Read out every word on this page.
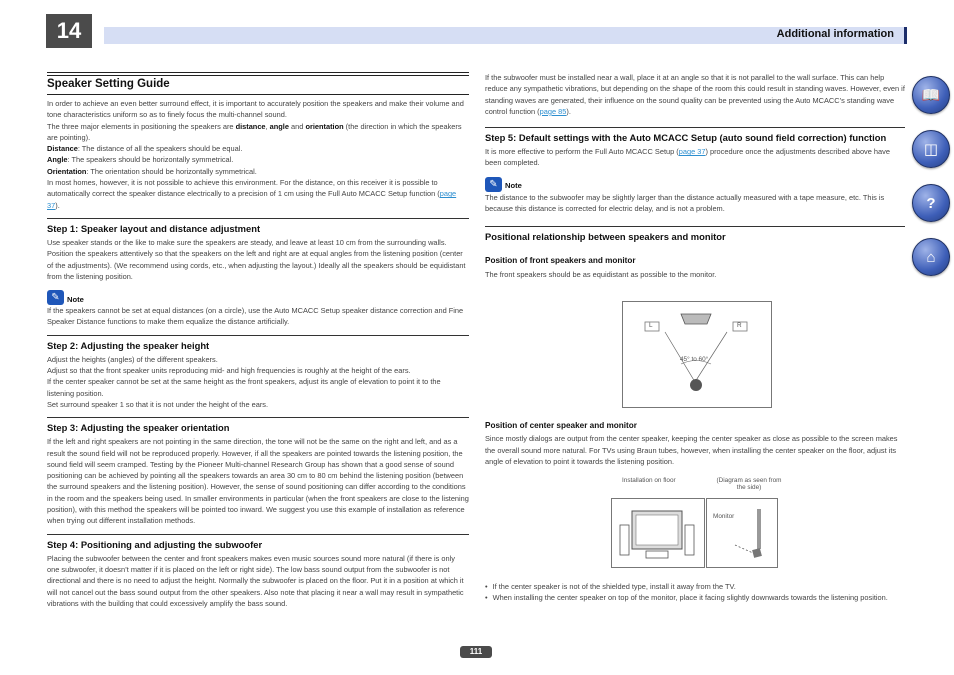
14	Additional information
📖
◫
?
⌂
Speaker Setting Guide

In order to achieve an even better surround effect, it is important to accurately position the speakers and make their volume and tone characteristics uniform so as to finely focus the multi-channel sound.

The three major elements in positioning the speakers are distance, angle and orientation (the direction in which the speakers are pointing).

Distance: The distance of all the speakers should be equal.

Angle: The speakers should be horizontally symmetrical.

Orientation: The orientation should be horizontally symmetrical.

In most homes, however, it is not possible to achieve this environment. For the distance, on this receiver it is possible to automatically correct the speaker distance electrically to a precision of 1 cm using the Full Auto MCACC Setup function (page 37).

Step 1: Speaker layout and distance adjustment

Use speaker stands or the like to make sure the speakers are steady, and leave at least 10 cm from the surrounding walls. Position the speakers attentively so that the speakers on the left and right are at equal angles from the listening position (center of the adjustments). (We recommend using cords, etc., when adjusting the layout.) Ideally all the speakers should be equidistant from the listening position.

✎ Note

If the speakers cannot be set at equal distances (on a circle), use the Auto MCACC Setup speaker distance correction and Fine Speaker Distance functions to make them equalize the distance artificially.

Step 2: Adjusting the speaker height

Adjust the heights (angles) of the different speakers.

Adjust so that the front speaker units reproducing mid- and high frequencies is roughly at the height of the ears.

If the center speaker cannot be set at the same height as the front speakers, adjust its angle of elevation to point it to the listening position.

Set surround speaker 1 so that it is not under the height of the ears.

Step 3: Adjusting the speaker orientation

If the left and right speakers are not pointing in the same direction, the tone will not be the same on the right and left, and as a result the sound field will not be reproduced properly. However, if all the speakers are pointed towards the listening position, the sound field will seem cramped. Testing by the Pioneer Multi-channel Research Group has shown that a good sense of sound positioning can be achieved by pointing all the speakers towards an area 30 cm to 80 cm behind the listening position (between the surround speakers and the listening position). However, the sense of sound positioning can differ according to the conditions in the room and the speakers being used. In smaller environments in particular (when the front speakers are close to the listening position), with this method the speakers will be pointed too inward. We suggest you use this example of installation as reference when trying out different installation methods.

Step 4: Positioning and adjusting the subwoofer

Placing the subwoofer between the center and front speakers makes even music sources sound more natural (if there is only one subwoofer, it doesn’t matter if it is placed on the left or right side). The low bass sound output from the subwoofer is not directional and there is no need to adjust the height. Normally the subwoofer is placed on the floor. Put it in a position at which it will not cancel out the bass sound output from the other speakers. Also note that placing it near a wall may result in sympathetic vibrations with the building that could excessively amplify the bass sound.

If the subwoofer must be installed near a wall, place it at an angle so that it is not parallel to the wall surface. This can help reduce any sympathetic vibrations, but depending on the shape of the room this could result in standing waves. However, even if standing waves are generated, their influence on the sound quality can be prevented using the Auto MCACC’s standing wave control function (page 85).

Step 5: Default settings with the Auto MCACC Setup (auto sound field correction) function

It is more effective to perform the Full Auto MCACC Setup (page 37) procedure once the adjustments described above have been completed.

✎ Note

The distance to the subwoofer may be slightly larger than the distance actually measured with a tape measure, etc. This is because this distance is corrected for electric delay, and is not a problem.

Positional relationship between speakers and monitor
Position of front speakers and monitor

The front speakers should be as equidistant as possible to the monitor.

Position of center speaker and monitor

Since mostly dialogs are output from the center speaker, keeping the center speaker as close as possible to the screen makes the overall sound more natural. For TVs using Braun tubes, however, when installing the center speaker on the floor, adjust its angle of elevation to point it towards the listening position.

• If the center speaker is not of the shielded type, install it away from the TV.
• When installing the center speaker on top of the monitor, place it facing slightly downwards towards the listening position.
L	R
45° to 60°
Installation on floor	(Diagram as seen from the side)
Monitor
111
